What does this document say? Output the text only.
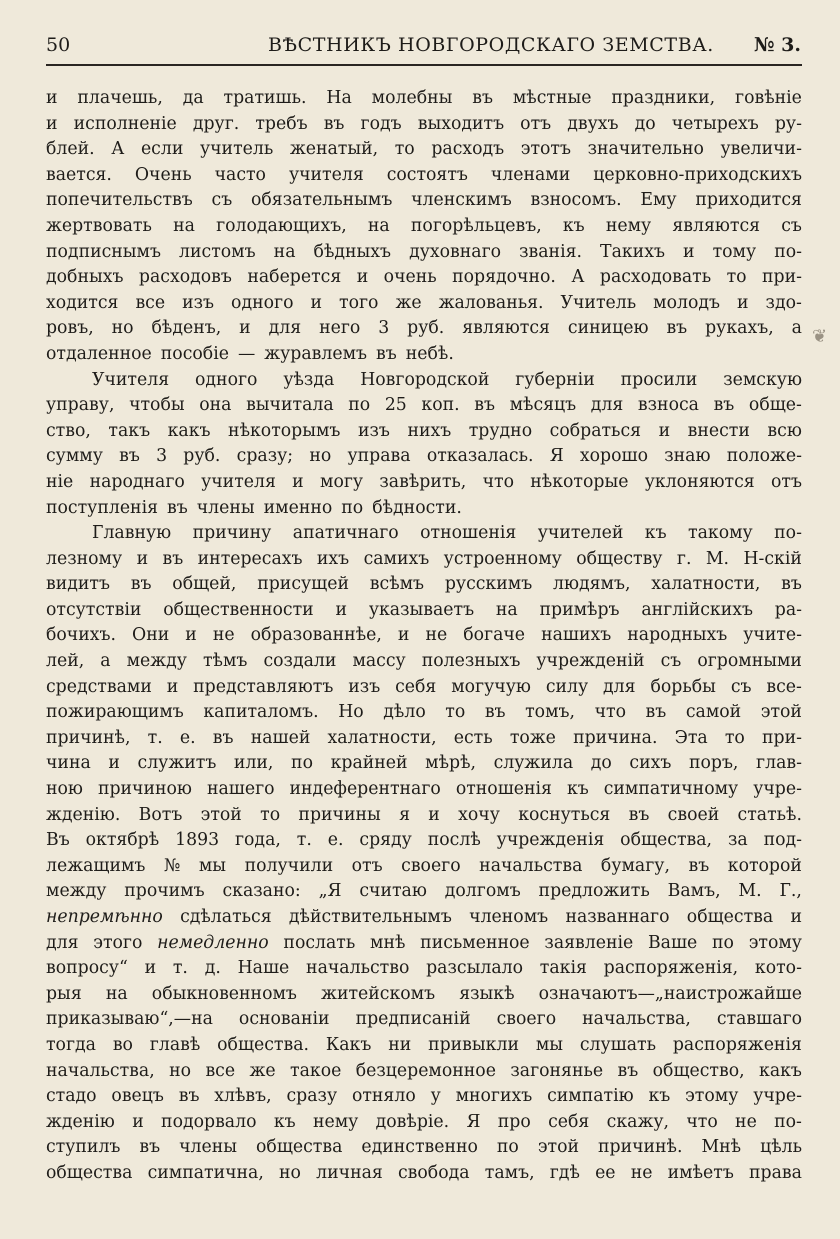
50	ВѢСТНИКЪ НОВГОРОДСКАГО ЗЕМСТВА. № 3.
и плачешь, да тратишь. На молебны въ мѣстные праздники, говѣніе
и исполненіе друг. требъ въ годъ выходитъ отъ двухъ до четырехъ ру-
блей. А если учитель женатый, то расходъ этотъ значительно увеличи-
вается. Очень часто учителя состоятъ членами церковно-приходскихъ
попечительствъ съ обязательнымъ членскимъ взносомъ. Ему приходится
жертвовать на голодающихъ, на погорѣльцевъ, къ нему являются съ
подписнымъ листомъ на бѣдныхъ духовнаго званія. Такихъ и тому по-
добныхъ расходовъ наберется и очень порядочно. А расходовать то при-
ходится все изъ одного и того же жалованья. Учитель молодъ и здо-
ровъ, но бѣденъ, и для него 3 руб. являются синицею въ рукахъ, а
отдаленное пособіе — журавлемъ въ небѣ.
Учителя одного уѣзда Новгородской губерніи просили земскую
управу, чтобы она вычитала по 25 коп. въ мѣсяцъ для взноса въ обще-
ство, такъ какъ нѣкоторымъ изъ нихъ трудно собраться и внести всю
сумму въ 3 руб. сразу; но управа отказалась. Я хорошо знаю положе-
ніе народнаго учителя и могу завѣрить, что нѣкоторые уклоняются отъ
поступленія въ члены именно по бѣдности.
Главную причину апатичнаго отношенія учителей къ такому по-
лезному и въ интересахъ ихъ самихъ устроенному обществу г. М. Н-скій
видитъ въ общей, присущей всѣмъ русскимъ людямъ, халатности, въ
отсутствіи общественности и указываетъ на примѣръ англійскихъ ра-
бочихъ. Они и не образованнѣе, и не богаче нашихъ народныхъ учите-
лей, а между тѣмъ создали массу полезныхъ учрежденій съ огромными
средствами и представляютъ изъ себя могучую силу для борьбы съ все-
пожирающимъ капиталомъ. Но дѣло то въ томъ, что въ самой этой
причинѣ, т. е. въ нашей халатности, есть тоже причина. Эта то при-
чина и служитъ или, по крайней мѣрѣ, служила до сихъ поръ, глав-
ною причиною нашего индеферентнаго отношенія къ симпатичному учре-
жденію. Вотъ этой то причины я и хочу коснуться въ своей статьѣ.
Въ октябрѣ 1893 года, т. е. сряду послѣ учрежденія общества, за под-
лежащимъ № мы получили отъ своего начальства бумагу, въ которой
между прочимъ сказано: „Я считаю долгомъ предложить Вамъ, М. Г.,
непремѣнно сдѣлаться дѣйствительнымъ членомъ названнаго общества и
для этого немедленно послать мнѣ письменное заявленіе Ваше по этому
вопросу“ и т. д. Наше начальство разсылало такія распоряженія, кото-
рыя на обыкновенномъ житейскомъ языкѣ означаютъ—„наистрожайше
приказываю“,—на основаніи предписаній своего начальства, ставшаго
тогда во главѣ общества. Какъ ни привыкли мы слушать распоряженія
начальства, но все же такое безцеремонное загонянье въ общество, какъ
стадо овецъ въ хлѣвъ, сразу отняло у многихъ симпатію къ этому учре-
жденію и подорвало къ нему довѣріе. Я про себя скажу, что не по-
ступилъ въ члены общества единственно по этой причинѣ. Мнѣ цѣль
общества симпатична, но личная свобода тамъ, гдѣ ее не имѣетъ права
❦
